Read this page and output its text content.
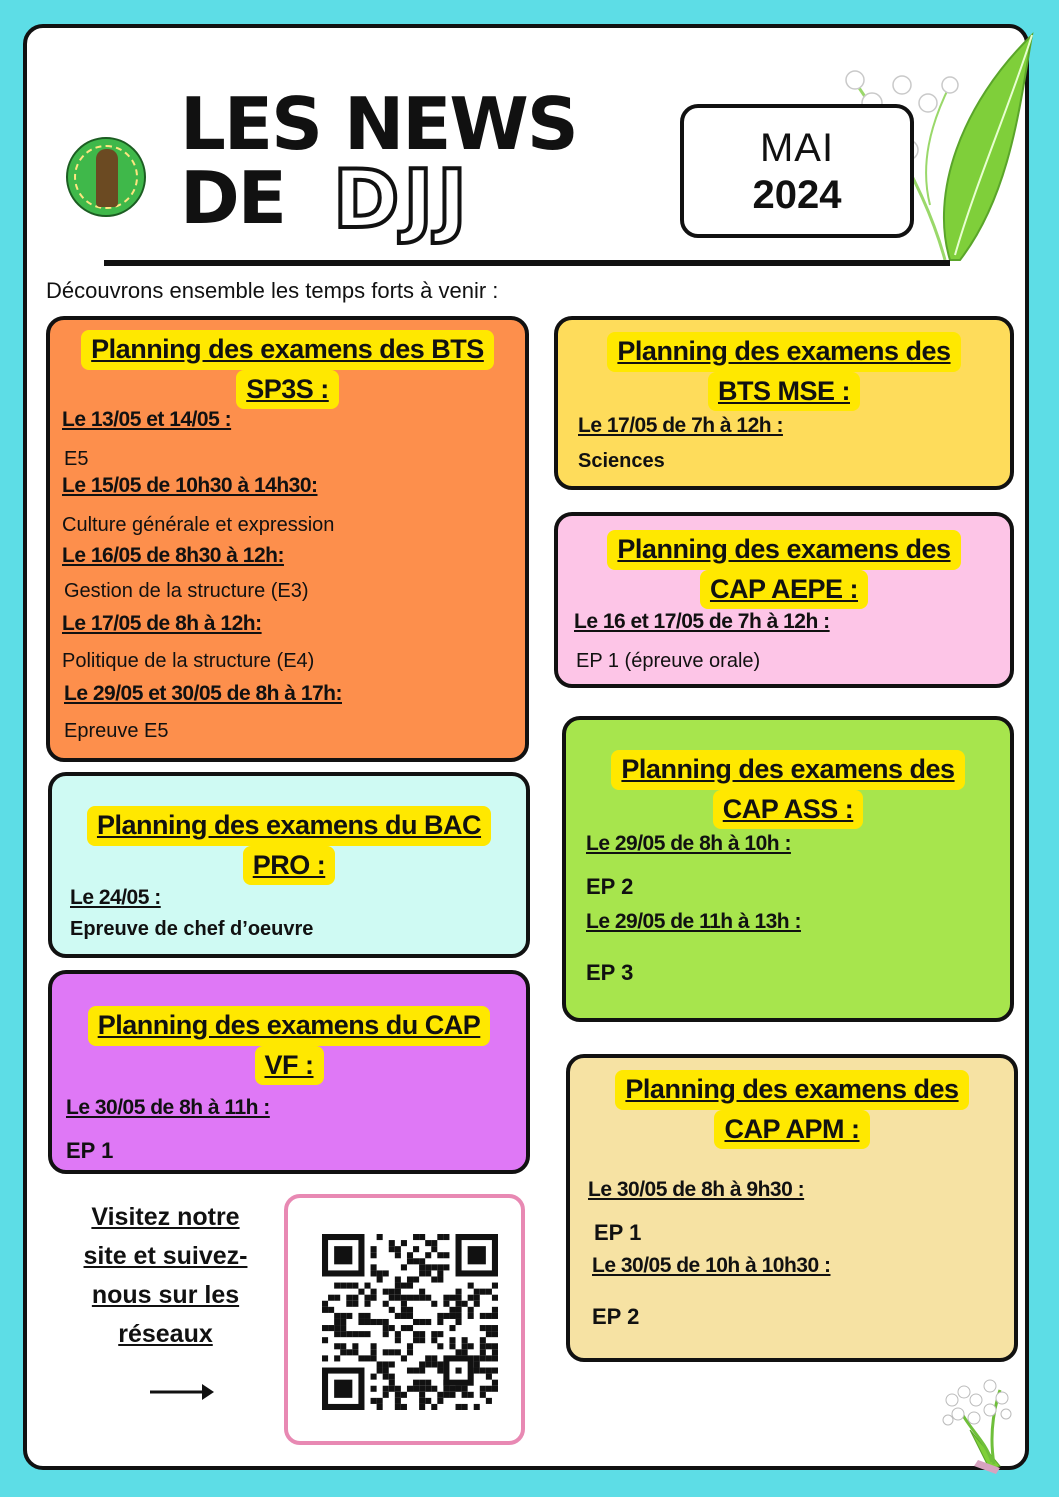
LES NEWS
DE DJJ
MAI
2024
Découvrons ensemble les temps forts à venir :
Planning des examens des BTS
SP3S :
Le 13/05 et 14/05 :
E5
Le 15/05 de 10h30 à 14h30:
Culture générale et expression
Le 16/05 de 8h30 à 12h:
Gestion de la structure (E3)
Le 17/05 de 8h à 12h:
Politique de la structure (E4)
Le 29/05 et 30/05 de 8h à 17h:
Epreuve E5
Planning des examens des
BTS MSE :
Le 17/05 de 7h à 12h :
Sciences
Planning des examens des
CAP AEPE :
Le 16 et 17/05 de 7h à 12h :
EP 1 (épreuve orale)
Planning des examens du BAC
PRO :
Le 24/05 :
Epreuve de chef d’oeuvre
Planning des examens des
CAP ASS :
Le 29/05 de 8h à 10h :
EP 2
Le 29/05 de 11h à 13h :
EP 3
Planning des examens du CAP
VF :
Le 30/05 de 8h à 11h :
EP 1
Planning des examens des
CAP APM :
Le 30/05 de 8h à 9h30 :
EP 1
Le 30/05 de 10h à 10h30 :
EP 2
Visitez notre
site et suivez-
nous sur les
réseaux
